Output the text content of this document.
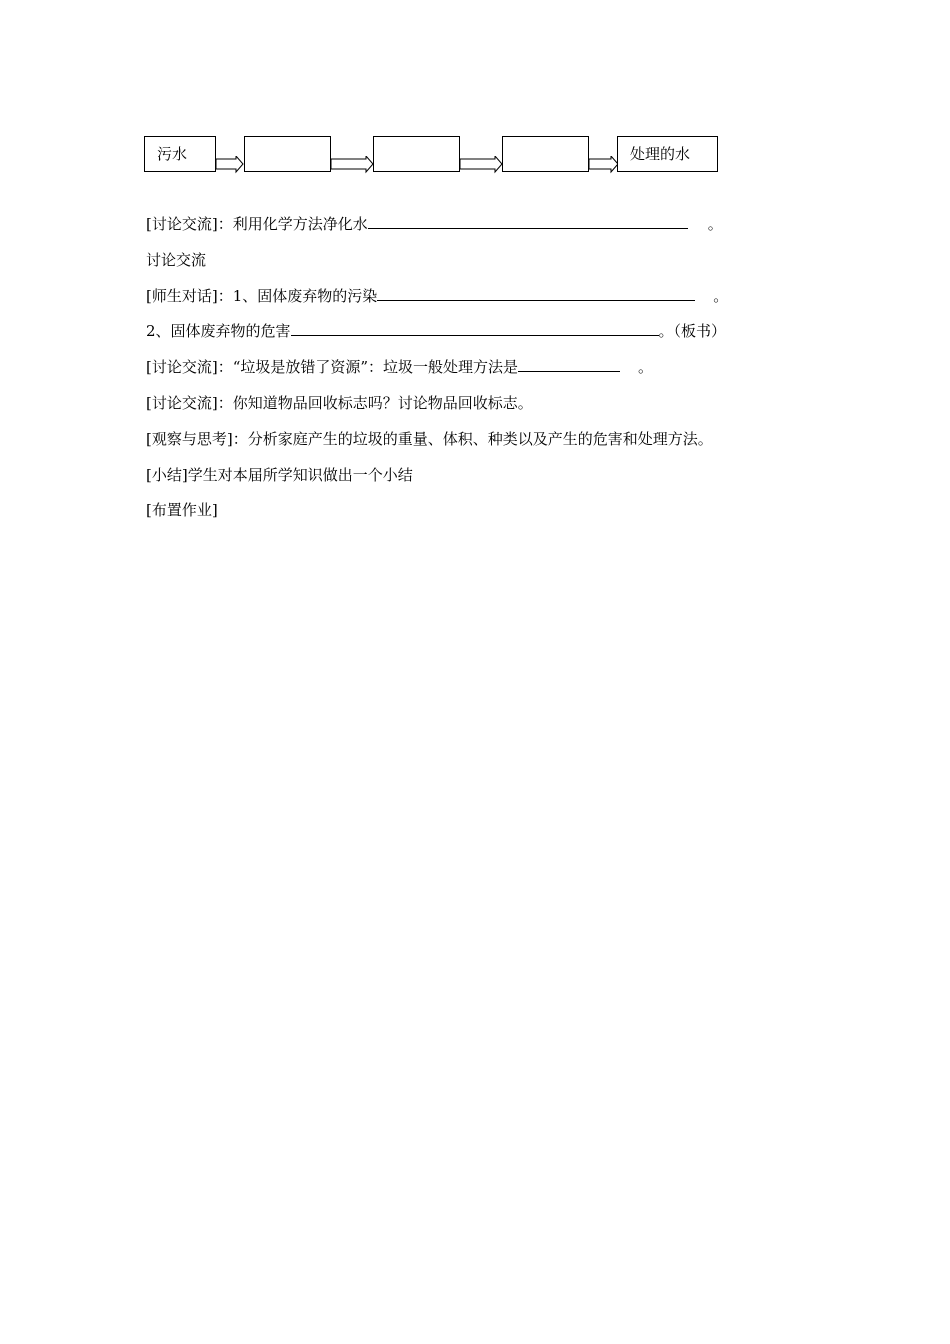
污水	处理的水
[讨论交流]：利用化学方法净化水	。
讨论交流
[师生对话]：1、固体废弃物的污染	。
2、固体废弃物的危害	。（板书）
[讨论交流]：“垃圾是放错了资源”：垃圾一般处理方法是	。
[讨论交流]：你知道物品回收标志吗？讨论物品回收标志。
[观察与思考]：分析家庭产生的垃圾的重量、体积、种类以及产生的危害和处理方法。
[小结]学生对本届所学知识做出一个小结
[布置作业]
